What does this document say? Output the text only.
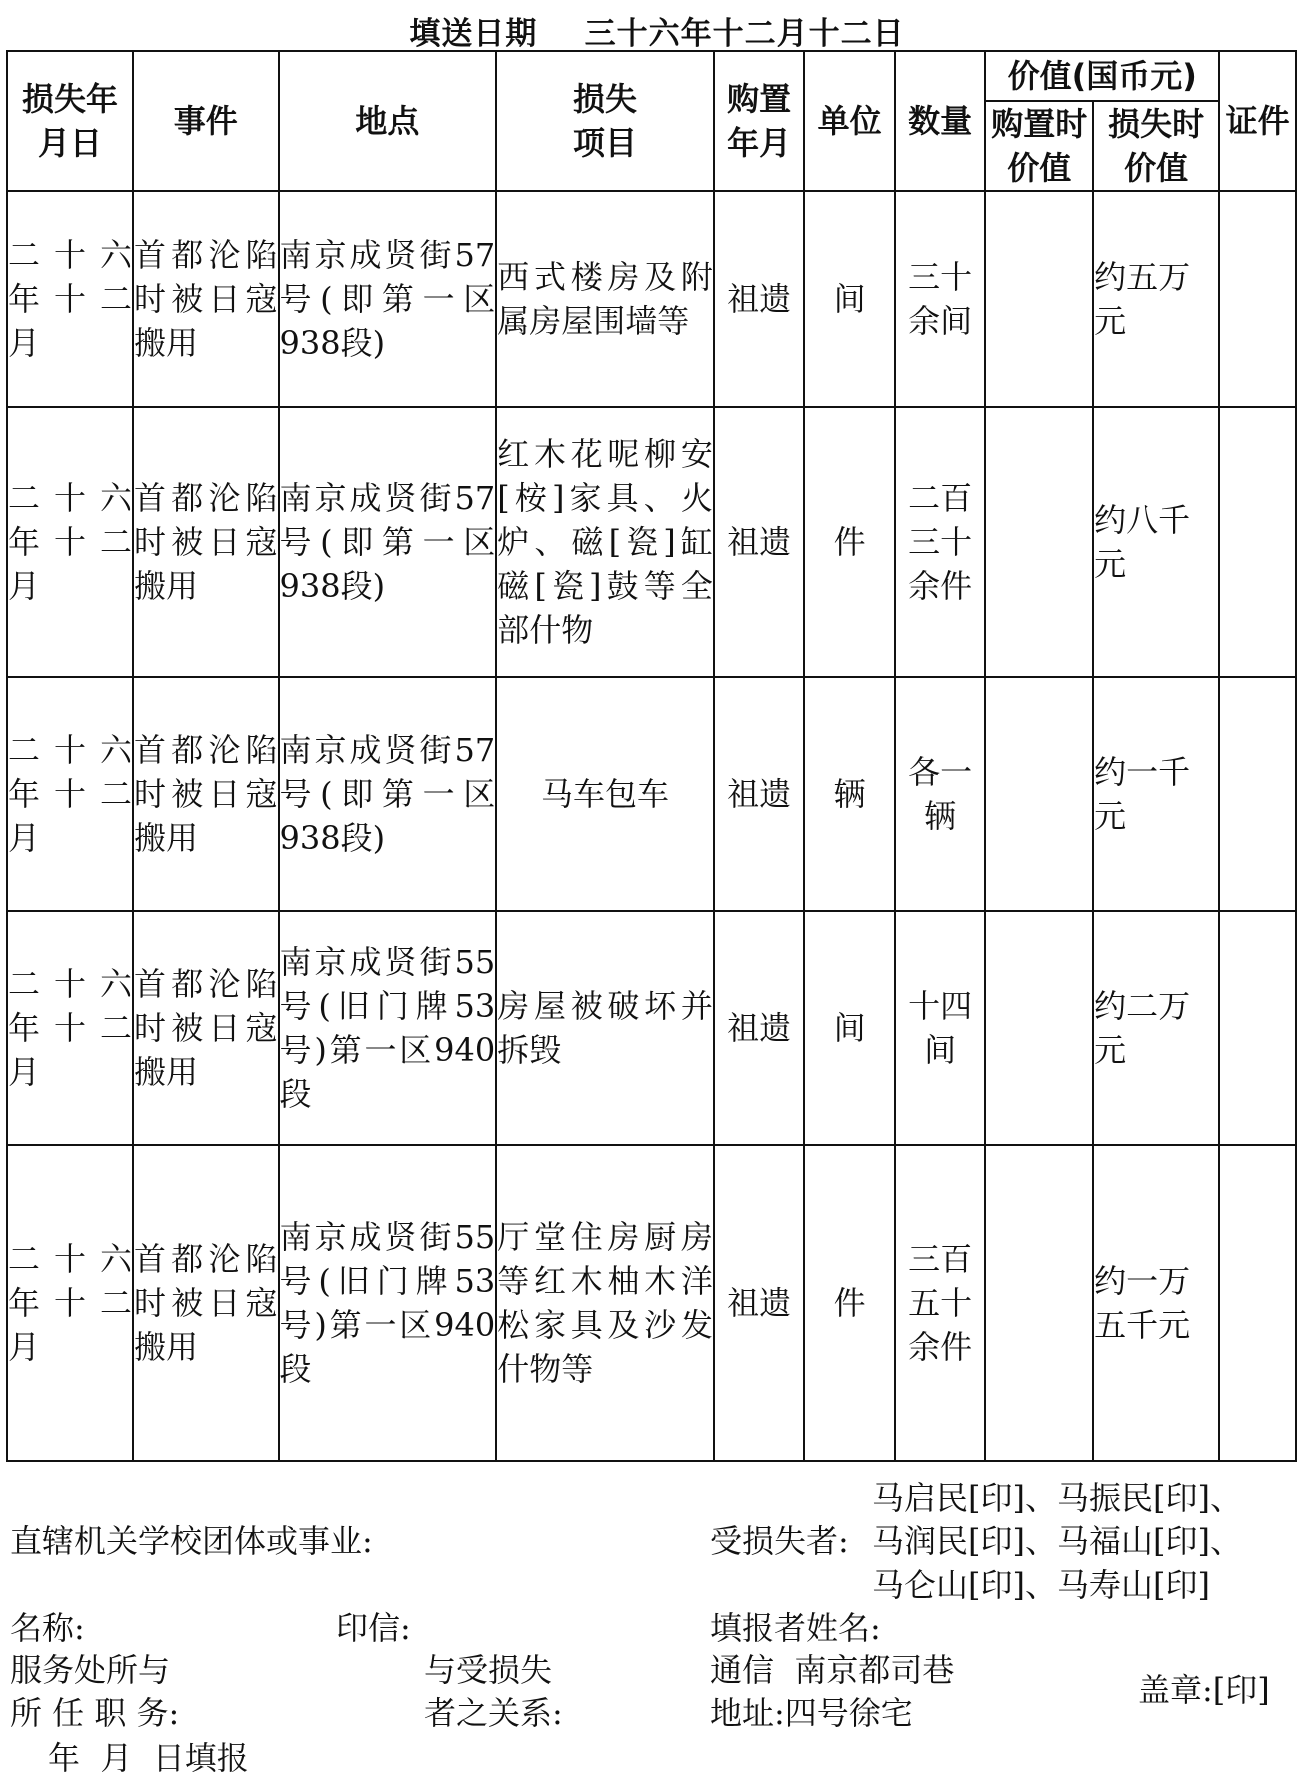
填送日期 三十六年十二月十二日
损失年月日	事件	地点	损失项目	购置年月	单位	数量	价值(国币元)		证件
							购置时价值	损失时价值	
二十六年十二月	首都沦陷时被日寇搬用	南京成贤街57号(即第一区938段)	西式楼房及附属房屋围墙等	祖遗	间	三十余间		约五万元	
二十六年十二月	首都沦陷时被日寇搬用	南京成贤街57号(即第一区938段)	红木花呢柳安[桉]家具、火炉、磁[瓷]缸磁[瓷]鼓等全部什物	祖遗	件	二百三十余件		约八千元	
二十六年十二月	首都沦陷时被日寇搬用	南京成贤街57号(即第一区938段)	马车包车	祖遗	辆	各一辆		约一千元	
二十六年十二月	首都沦陷时被日寇搬用	南京成贤街55号(旧门牌53号)第一区940段	房屋被破坏并拆毁	祖遗	间	十四间		约二万元	
二十六年十二月	首都沦陷时被日寇搬用	南京成贤街55号(旧门牌53号)第一区940段	厅堂住房厨房等红木柚木洋松家具及沙发什物等	祖遗	件	三百五十余件		约一万五千元	
马启民[印]、马振民[印]、
直辖机关学校团体或事业:	受损失者: 马润民[印]、马福山[印]、
马仑山[印]、马寿山[印]
名称:	印信:	填报者姓名:
服务处所与	与受损失	通信 南京都司巷
盖章:[印]
所 任 职 务:	者之关系:	地址:四号徐宅
年  月  日填报
